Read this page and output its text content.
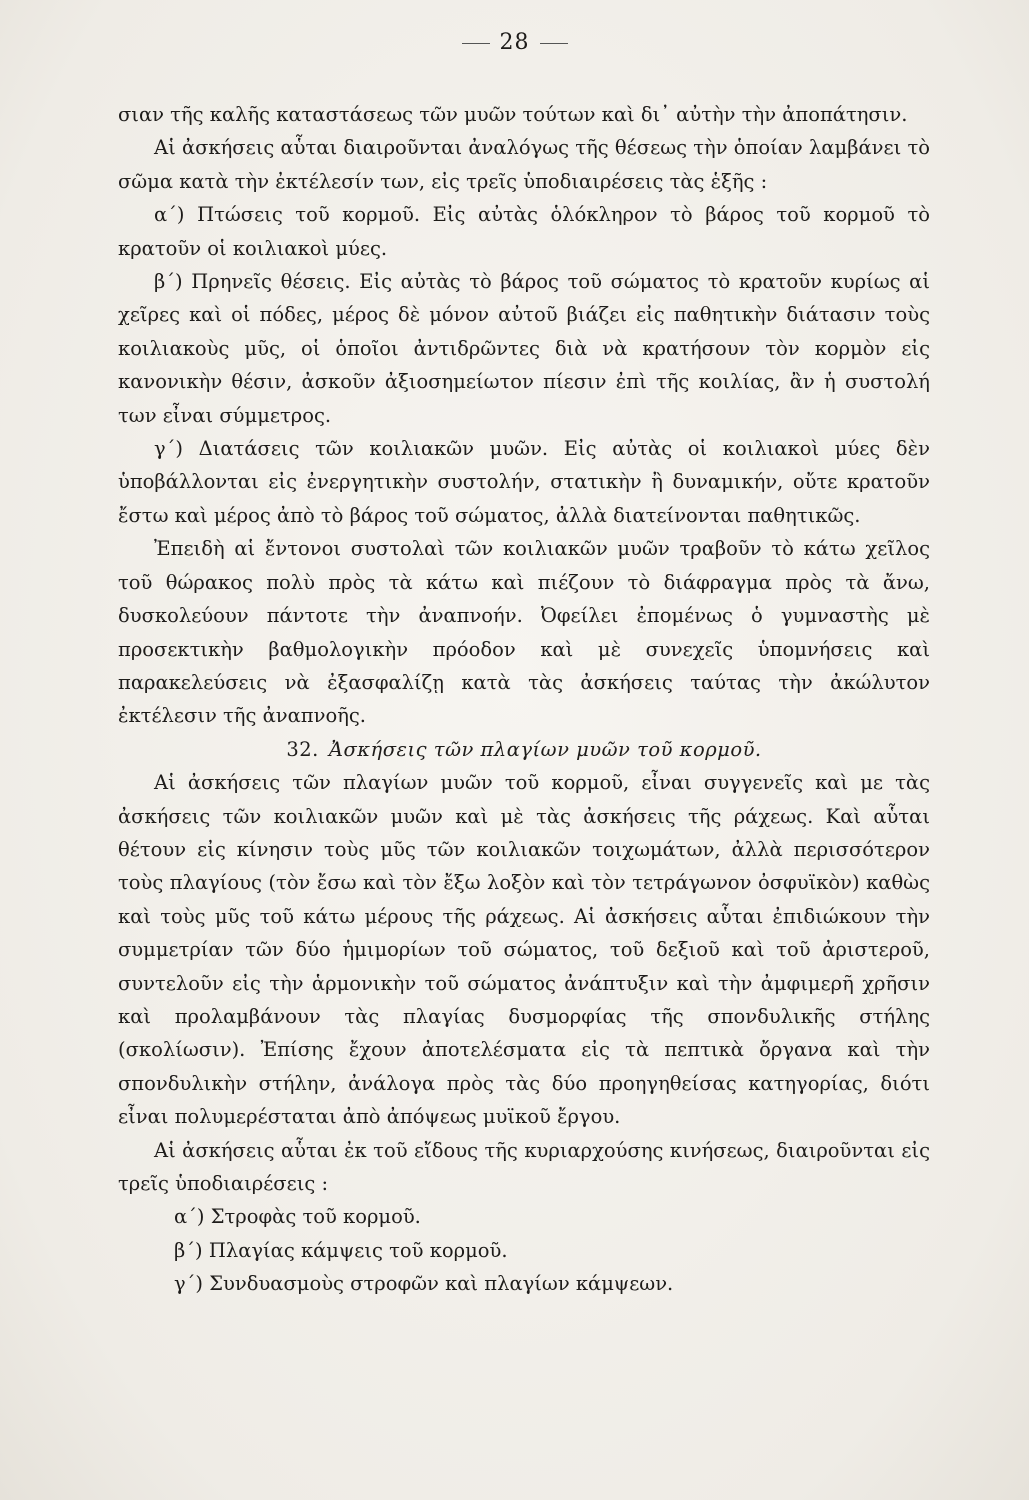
28

σιαν τῆς καλῆς καταστάσεως τῶν μυῶν τούτων καὶ δι᾽ αὐτὴν τὴν ἀποπάτησιν.

Αἱ ἀσκήσεις αὗται διαιροῦνται ἀναλόγως τῆς θέσεως τὴν ὁποίαν λαμβάνει τὸ σῶμα κατὰ τὴν ἐκτέλεσίν των, εἰς τρεῖς ὑποδιαιρέσεις τὰς ἑξῆς :

α΄) Πτώσεις τοῦ κορμοῦ. Εἰς αὐτὰς ὁλόκληρον τὸ βάρος τοῦ κορμοῦ τὸ κρατοῦν οἱ κοιλιακοὶ μύες.

β΄) Πρηνεῖς θέσεις. Εἰς αὐτὰς τὸ βάρος τοῦ σώματος τὸ κρατοῦν κυρίως αἱ χεῖρες καὶ οἱ πόδες, μέρος δὲ μόνον αὐτοῦ βιάζει εἰς παθητικὴν διάτασιν τοὺς κοιλιακοὺς μῦς, οἱ ὁποῖοι ἀντιδρῶντες διὰ νὰ κρατήσουν τὸν κορμὸν εἰς κανονικὴν θέσιν, ἀσκοῦν ἀξιοσημείωτον πίεσιν ἐπὶ τῆς κοιλίας, ἂν ἡ συστολή των εἶναι σύμμετρος.

γ΄) Διατάσεις τῶν κοιλιακῶν μυῶν. Εἰς αὐτὰς οἱ κοιλιακοὶ μύες δὲν ὑποβάλλονται εἰς ἐνεργητικὴν συστολήν, στατικὴν ἢ δυναμικήν, οὔτε κρατοῦν ἔστω καὶ μέρος ἀπὸ τὸ βάρος τοῦ σώματος, ἀλλὰ διατείνονται παθητικῶς.

Ἐπειδὴ αἱ ἔντονοι συστολαὶ τῶν κοιλιακῶν μυῶν τραβοῦν τὸ κάτω χεῖλος τοῦ θώρακος πολὺ πρὸς τὰ κάτω καὶ πιέζουν τὸ διάφραγμα πρὸς τὰ ἄνω, δυσκολεύουν πάντοτε τὴν ἀναπνοήν. Ὀφείλει ἐπομένως ὁ γυμναστὴς μὲ προσεκτικὴν βαθμολογικὴν πρόοδον καὶ μὲ συνεχεῖς ὑπομνήσεις καὶ παρακελεύσεις νὰ ἐξασφαλίζῃ κατὰ τὰς ἀσκήσεις ταύτας τὴν ἀκώλυτον ἐκτέλεσιν τῆς ἀναπνοῆς.

32. Ἀσκήσεις τῶν πλαγίων μυῶν τοῦ κορμοῦ.

Αἱ ἀσκήσεις τῶν πλαγίων μυῶν τοῦ κορμοῦ, εἶναι συγγενεῖς καὶ με τὰς ἀσκήσεις τῶν κοιλιακῶν μυῶν καὶ μὲ τὰς ἀσκήσεις τῆς ράχεως. Καὶ αὗται θέτουν εἰς κίνησιν τοὺς μῦς τῶν κοιλιακῶν τοιχωμάτων, ἀλλὰ περισσότερον τοὺς πλαγίους (τὸν ἔσω καὶ τὸν ἔξω λοξὸν καὶ τὸν τετράγωνον ὀσφυϊκὸν) καθὼς καὶ τοὺς μῦς τοῦ κάτω μέρους τῆς ράχεως. Αἱ ἀσκήσεις αὗται ἐπιδιώκουν τὴν συμμετρίαν τῶν δύο ἡμιμορίων τοῦ σώματος, τοῦ δεξιοῦ καὶ τοῦ ἀριστεροῦ, συντελοῦν εἰς τὴν ἁρμονικὴν τοῦ σώματος ἀνάπτυξιν καὶ τὴν ἀμφιμερῆ χρῆσιν καὶ προλαμβάνουν τὰς πλαγίας δυσμορφίας τῆς σπονδυλικῆς στήλης (σκολίωσιν). Ἐπίσης ἔχουν ἀποτελέσματα εἰς τὰ πεπτικὰ ὄργανα καὶ τὴν σπονδυλικὴν στήλην, ἀνάλογα πρὸς τὰς δύο προηγηθείσας κατηγορίας, διότι εἶναι πολυμερέσταται ἀπὸ ἀπόψεως μυϊκοῦ ἔργου.

Αἱ ἀσκήσεις αὗται ἐκ τοῦ εἴδους τῆς κυριαρχούσης κινήσεως, διαιροῦνται εἰς τρεῖς ὑποδιαιρέσεις :

α΄) Στροφὰς τοῦ κορμοῦ.

β΄) Πλαγίας κάμψεις τοῦ κορμοῦ.

γ΄) Συνδυασμοὺς στροφῶν καὶ πλαγίων κάμψεων.
